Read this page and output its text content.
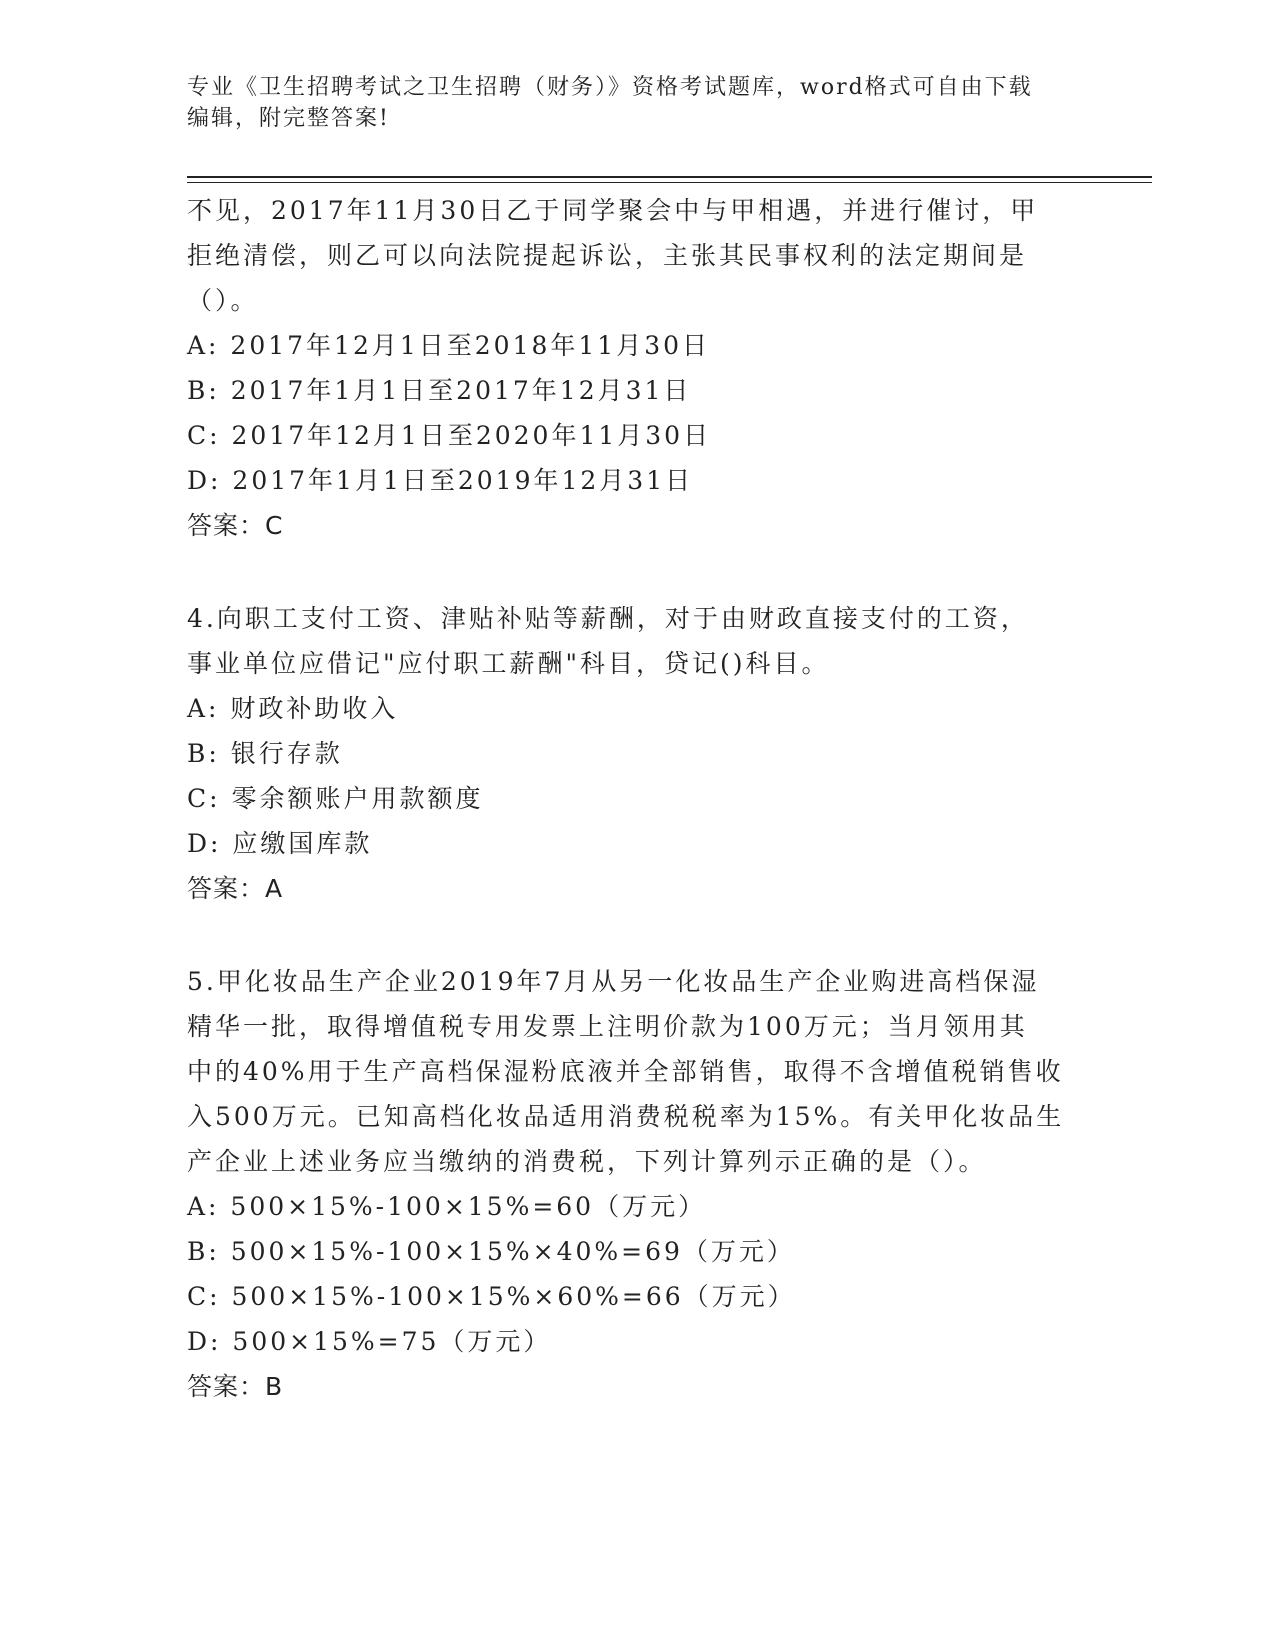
专业《卫生招聘考试之卫生招聘（财务）》资格考试题库，word格式可自由下载
编辑，附完整答案!
不见，2017年11月30日乙于同学聚会中与甲相遇，并进行催讨，甲
拒绝清偿，则乙可以向法院提起诉讼，主张其民事权利的法定期间是
（）。
A: 2017年12月1日至2018年11月30日
B: 2017年1月1日至2017年12月31日
C: 2017年12月1日至2020年11月30日
D: 2017年1月1日至2019年12月31日
答案：C
4.向职工支付工资、津贴补贴等薪酬，对于由财政直接支付的工资，
事业单位应借记"应付职工薪酬"科目，贷记()科目。
A: 财政补助收入
B: 银行存款
C: 零余额账户用款额度
D: 应缴国库款
答案：A
5.甲化妆品生产企业2019年7月从另一化妆品生产企业购进高档保湿
精华一批，取得增值税专用发票上注明价款为100万元；当月领用其
中的40%用于生产高档保湿粉底液并全部销售，取得不含增值税销售收
入500万元。已知高档化妆品适用消费税税率为15%。有关甲化妆品生
产企业上述业务应当缴纳的消费税，下列计算列示正确的是（）。
A: 500×15%-100×15%=60（万元）
B: 500×15%-100×15%×40%=69（万元）
C: 500×15%-100×15%×60%=66（万元）
D: 500×15%=75（万元）
答案：B
